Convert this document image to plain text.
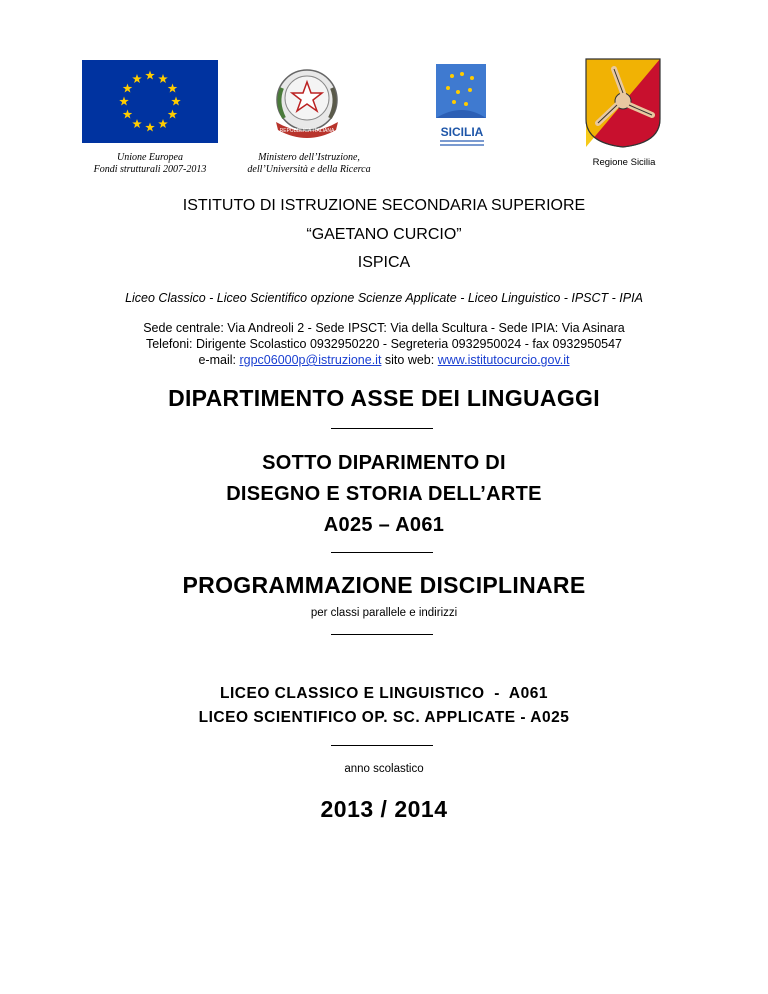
Unione Europea
Fondi strutturali 2007-2013
REPUBBLICA ITALIANA
Ministero dell’Istruzione,
dell’Università e della Ricerca
SICILIA
Regione Sicilia
ISTITUTO DI ISTRUZIONE SECONDARIA SUPERIORE
“GAETANO CURCIO”
ISPICA
Liceo Classico - Liceo Scientifico opzione Scienze Applicate - Liceo Linguistico - IPSCT - IPIA
Sede centrale: Via Andreoli 2 - Sede IPSCT: Via della Scultura - Sede IPIA: Via Asinara
Telefoni: Dirigente Scolastico 0932950220 - Segreteria 0932950024 - fax 0932950547
e-mail: rgpc06000p@istruzione.it sito web: www.istitutocurcio.gov.it
DIPARTIMENTO ASSE DEI LINGUAGGI
SOTTO DIPARIMENTO DI
DISEGNO E STORIA DELL’ARTE
A025 – A061
PROGRAMMAZIONE DISCIPLINARE
per classi parallele e indirizzi
LICEO CLASSICO E LINGUISTICO  -  A061
LICEO SCIENTIFICO OP. SC. APPLICATE - A025
anno scolastico
2013 / 2014
